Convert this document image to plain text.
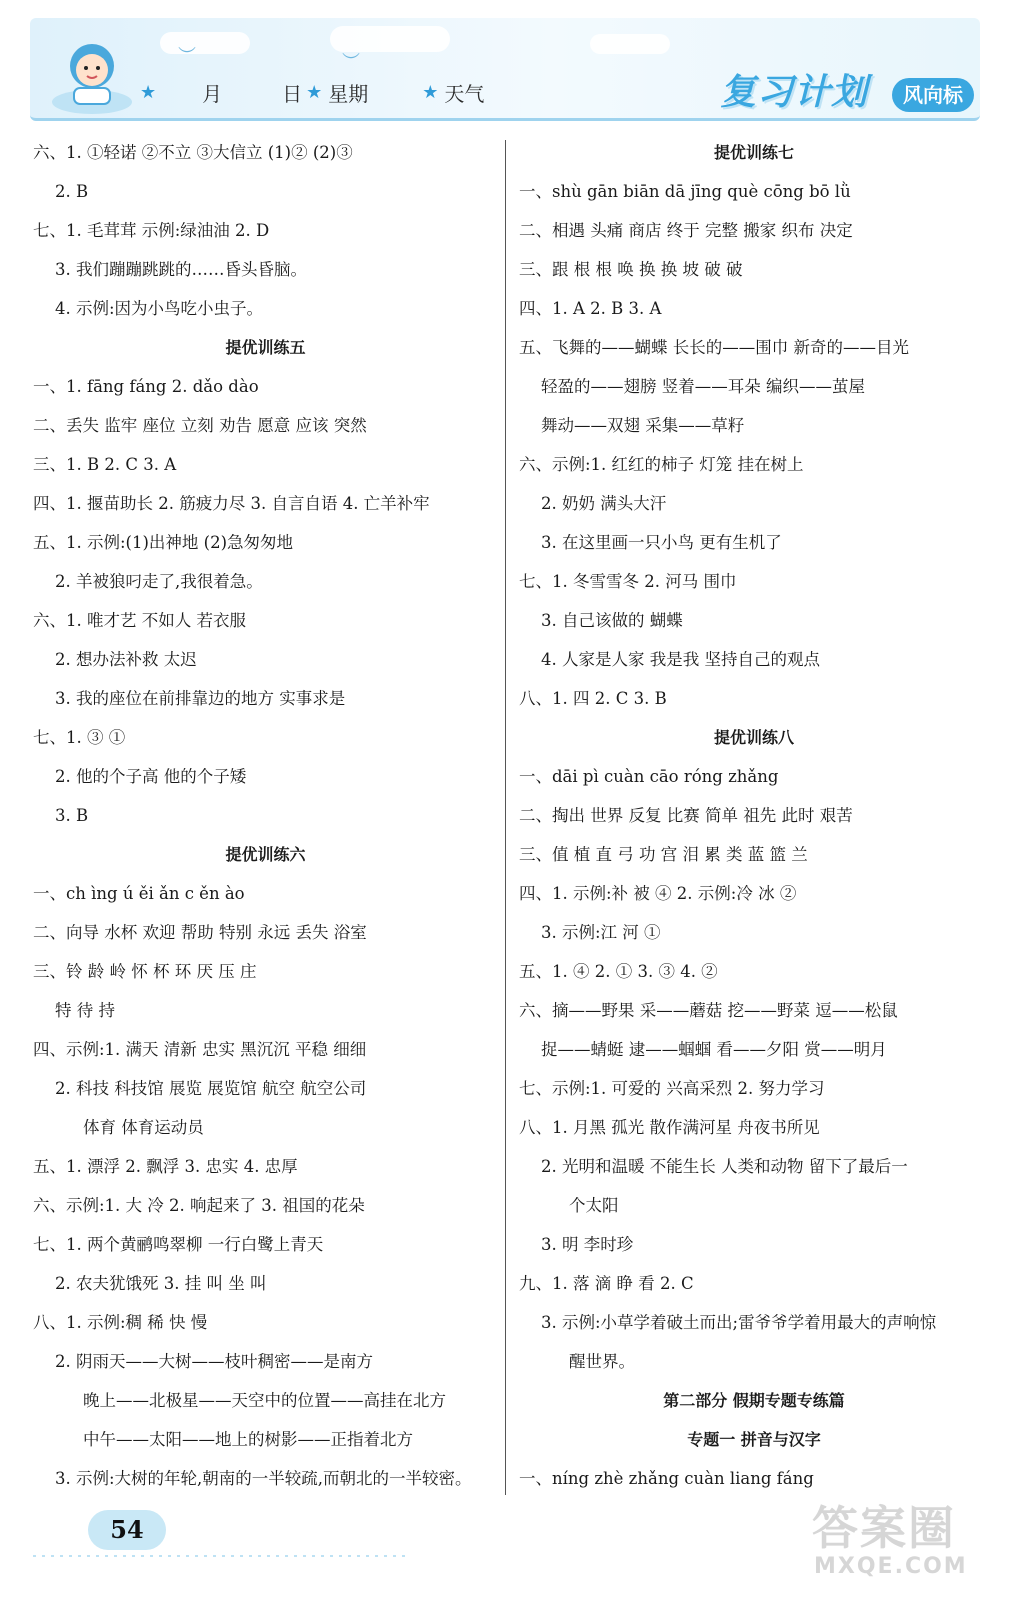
︶	︶
★ 月	日 ★ 星期	★ 天气	复习计划	风向标
六、1. ①轻诺 ②不立 ③大信立 (1)② (2)③
2. B
七、1. 毛茸茸 示例:绿油油 2. D
3. 我们蹦蹦跳跳的……昏头昏脑。
4. 示例:因为小鸟吃小虫子。
提优训练五
一、1. fāng fáng 2. dǎo dào
二、丢失 监牢 座位 立刻 劝告 愿意 应该 突然
三、1. B 2. C 3. A
四、1. 揠苗助长 2. 筋疲力尽 3. 自言自语 4. 亡羊补牢
五、1. 示例:(1)出神地 (2)急匆匆地
2. 羊被狼叼走了,我很着急。
六、1. 唯才艺 不如人 若衣服
2. 想办法补救 太迟
3. 我的座位在前排靠边的地方 实事求是
七、1. ③ ①
2. 他的个子高 他的个子矮
3. B
提优训练六
一、ch ìng ú ěi ǎn c ěn ào
二、向导 水杯 欢迎 帮助 特别 永远 丢失 浴室
三、铃 龄 岭 怀 杯 环 厌 压 庄
特 待 持
四、示例:1. 满天 清新 忠实 黑沉沉 平稳 细细
2. 科技 科技馆 展览 展览馆 航空 航空公司
体育 体育运动员
五、1. 漂浮 2. 飘浮 3. 忠实 4. 忠厚
六、示例:1. 大 冷 2. 响起来了 3. 祖国的花朵
七、1. 两个黄鹂鸣翠柳 一行白鹭上青天
2. 农夫犹饿死 3. 挂 叫 坐 叫
八、1. 示例:稠 稀 快 慢
2. 阴雨天——大树——枝叶稠密——是南方
晚上——北极星——天空中的位置——高挂在北方
中午——太阳——地上的树影——正指着北方
3. 示例:大树的年轮,朝南的一半较疏,而朝北的一半较密。
提优训练七
一、shù gān biān dā jīng què cōng bō lǜ
二、相遇 头痛 商店 终于 完整 搬家 织布 决定
三、跟 根 根 唤 换 换 坡 破 破
四、1. A 2. B 3. A
五、飞舞的——蝴蝶 长长的——围巾 新奇的——目光
轻盈的——翅膀 竖着——耳朵 编织——茧屋
舞动——双翅 采集——草籽
六、示例:1. 红红的柿子 灯笼 挂在树上
2. 奶奶 满头大汗
3. 在这里画一只小鸟 更有生机了
七、1. 冬雪雪冬 2. 河马 围巾
3. 自己该做的 蝴蝶
4. 人家是人家 我是我 坚持自己的观点
八、1. 四 2. C 3. B
提优训练八
一、dāi pì cuàn cāo róng zhǎng
二、掏出 世界 反复 比赛 简单 祖先 此时 艰苦
三、值 植 直 弓 功 宫 泪 累 类 蓝 篮 兰
四、1. 示例:补 被 ④ 2. 示例:冷 冰 ②
3. 示例:江 河 ①
五、1. ④ 2. ① 3. ③ 4. ②
六、摘——野果 采——蘑菇 挖——野菜 逗——松鼠
捉——蜻蜓 逮——蝈蝈 看——夕阳 赏——明月
七、示例:1. 可爱的 兴高采烈 2. 努力学习
八、1. 月黑 孤光 散作满河星 舟夜书所见
2. 光明和温暖 不能生长 人类和动物 留下了最后一
个太阳
3. 明 李时珍
九、1. 落 滴 睁 看 2. C
3. 示例:小草学着破土而出;雷爷爷学着用最大的声响惊
醒世界。
第二部分 假期专题专练篇
专题一 拼音与汉字
一、níng zhè zhǎng cuàn liang fáng
54	答案圈
MXQE.COM
